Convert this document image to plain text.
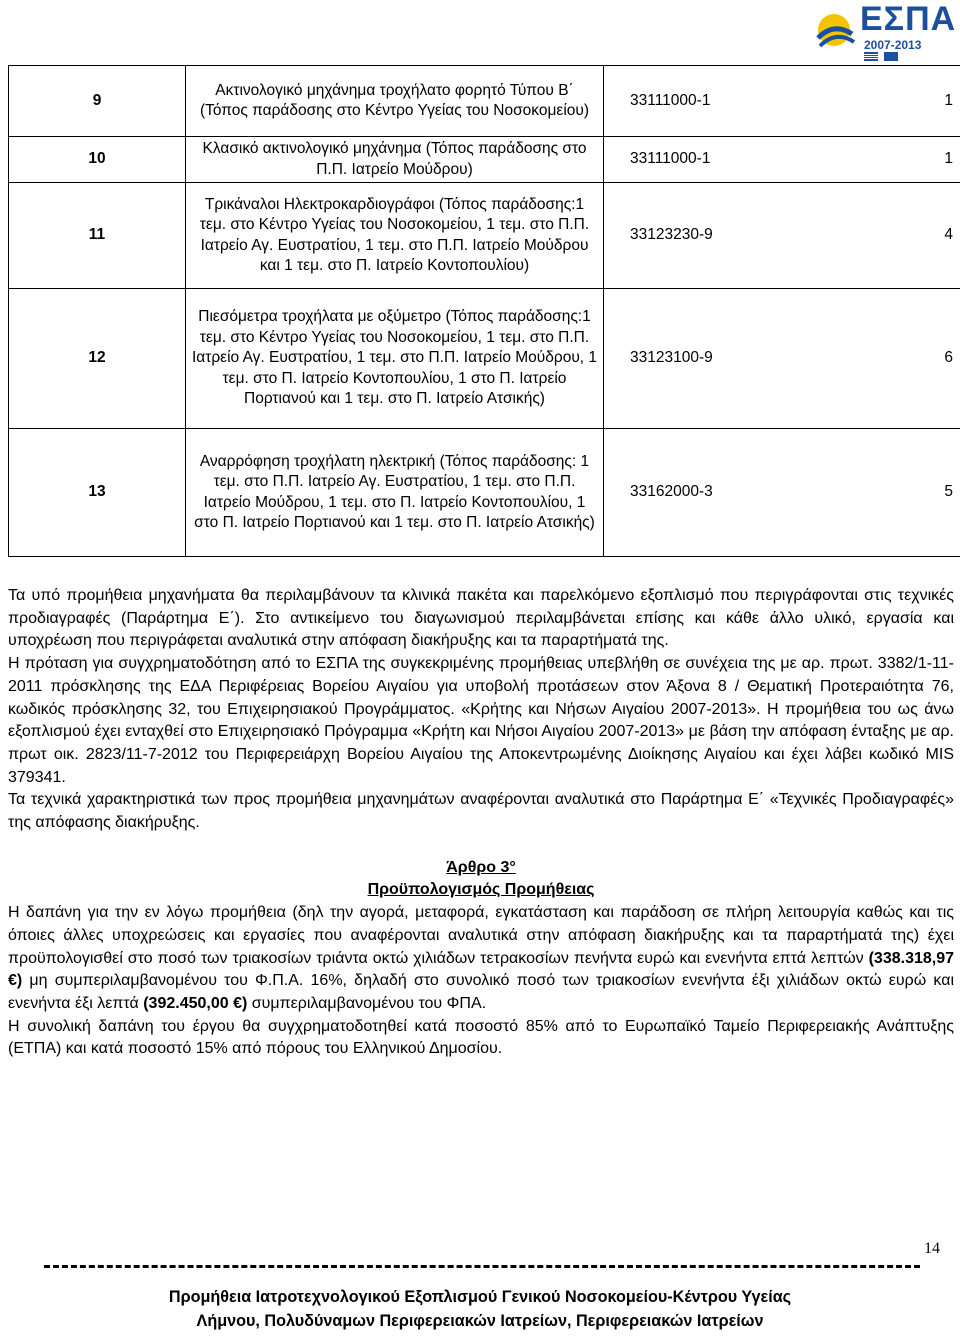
ΕΣΠΑ
2007-2013
9	Ακτινολογικό μηχάνημα τροχήλατο φορητό Τύπου Β΄ (Τόπος παράδοσης στο Κέντρο Υγείας του Νοσοκομείου)	33111000-1 1

10	Κλασικό ακτινολογικό μηχάνημα (Τόπος παράδοσης στο Π.Π. Ιατρείο Μούδρου)	33111000-1 1

11	Τρικάναλοι Ηλεκτροκαρδιογράφοι (Τόπος παράδοσης:1 τεμ. στο Κέντρο Υγείας του Νοσοκομείου, 1 τεμ. στο Π.Π. Ιατρείο Αγ. Ευστρατίου, 1 τεμ. στο Π.Π. Ιατρείο Μούδρου και 1 τεμ. στο Π. Ιατρείο Κοντοπουλίου)	33123230-9 4

12	Πιεσόμετρα τροχήλατα με οξύμετρο (Τόπος παράδοσης:1 τεμ. στο Κέντρο Υγείας του Νοσοκομείου, 1 τεμ. στο Π.Π. Ιατρείο Αγ. Ευστρατίου, 1 τεμ. στο Π.Π. Ιατρείο Μούδρου, 1 τεμ. στο Π. Ιατρείο Κοντοπουλίου, 1 στο Π. Ιατρείο Πορτιανού και 1 τεμ. στο Π. Ιατρείο Ατσικής)	33123100-9 6

13	Αναρρόφηση τροχήλατη ηλεκτρική (Τόπος παράδοσης: 1 τεμ. στο Π.Π. Ιατρείο Αγ. Ευστρατίου, 1 τεμ. στο Π.Π. Ιατρείο Μούδρου, 1 τεμ. στο Π. Ιατρείο Κοντοπουλίου, 1 στο Π. Ιατρείο Πορτιανού και 1 τεμ. στο Π. Ιατρείο Ατσικής)	33162000-3 5

Τα υπό προμήθεια μηχανήματα θα περιλαμβάνουν τα κλινικά πακέτα και παρελκόμενο εξοπλισμό που περιγράφονται στις τεχνικές προδιαγραφές (Παράρτημα Ε΄). Στο αντικείμενο του διαγωνισμού περιλαμβάνεται επίσης και κάθε άλλο υλικό, εργασία και υποχρέωση που περιγράφεται αναλυτικά στην απόφαση διακήρυξης και τα παραρτήματά της.

Η πρόταση για συγχρηματοδότηση από το ΕΣΠΑ της συγκεκριμένης προμήθειας υπεβλήθη σε συνέχεια της με αρ. πρωτ. 3382/1-11-2011 πρόσκλησης της ΕΔΑ Περιφέρειας Βορείου Αιγαίου για υποβολή προτάσεων στον Άξονα 8 / Θεματική Προτεραιότητα 76, κωδικός πρόσκλησης 32, του Επιχειρησιακού Προγράμματος. «Κρήτης και Νήσων Αιγαίου 2007-2013». Η προμήθεια του ως άνω εξοπλισμού έχει ενταχθεί στο Επιχειρησιακό Πρόγραμμα «Κρήτη και Νήσοι Αιγαίου 2007-2013» με βάση την απόφαση ένταξης με αρ. πρωτ οικ. 2823/11-7-2012 του Περιφερειάρχη Βορείου Αιγαίου της Αποκεντρωμένης Διοίκησης Αιγαίου και έχει λάβει κωδικό MIS 379341.

Τα τεχνικά χαρακτηριστικά των προς προμήθεια μηχανημάτων αναφέρονται αναλυτικά στο Παράρτημα Ε΄ «Τεχνικές Προδιαγραφές» της απόφασης διακήρυξης.

Άρθρο 3°

Προϋπολογισμός Προμήθειας

Η δαπάνη για την εν λόγω προμήθεια (δηλ την αγορά, μεταφορά, εγκατάσταση και παράδοση σε πλήρη λειτουργία καθώς και τις όποιες άλλες υποχρεώσεις και εργασίες που αναφέρονται αναλυτικά στην απόφαση διακήρυξης και τα παραρτήματά της) έχει προϋπολογισθεί στο ποσό των τριακοσίων τριάντα οκτώ χιλιάδων τετρακοσίων πενήντα ευρώ και ενενήντα επτά λεπτών (338.318,97 €) μη συμπεριλαμβανομένου του Φ.Π.Α. 16%, δηλαδή στο συνολικό ποσό των τριακοσίων ενενήντα έξι χιλιάδων οκτώ ευρώ και ενενήντα έξι λεπτά (392.450,00 €) συμπεριλαμβανομένου του ΦΠΑ.

Η συνολική δαπάνη του έργου θα συγχρηματοδοτηθεί κατά ποσοστό 85% από το Ευρωπαϊκό Ταμείο Περιφερειακής Ανάπτυξης (ΕΤΠΑ) και κατά ποσοστό 15% από πόρους του Ελληνικού Δημοσίου.

14
Προμήθεια Ιατροτεχνολογικού Εξοπλισμού Γενικού Νοσοκομείου-Κέντρου Υγείας
Λήμνου, Πολυδύναμων Περιφερειακών Ιατρείων, Περιφερειακών Ιατρείων
